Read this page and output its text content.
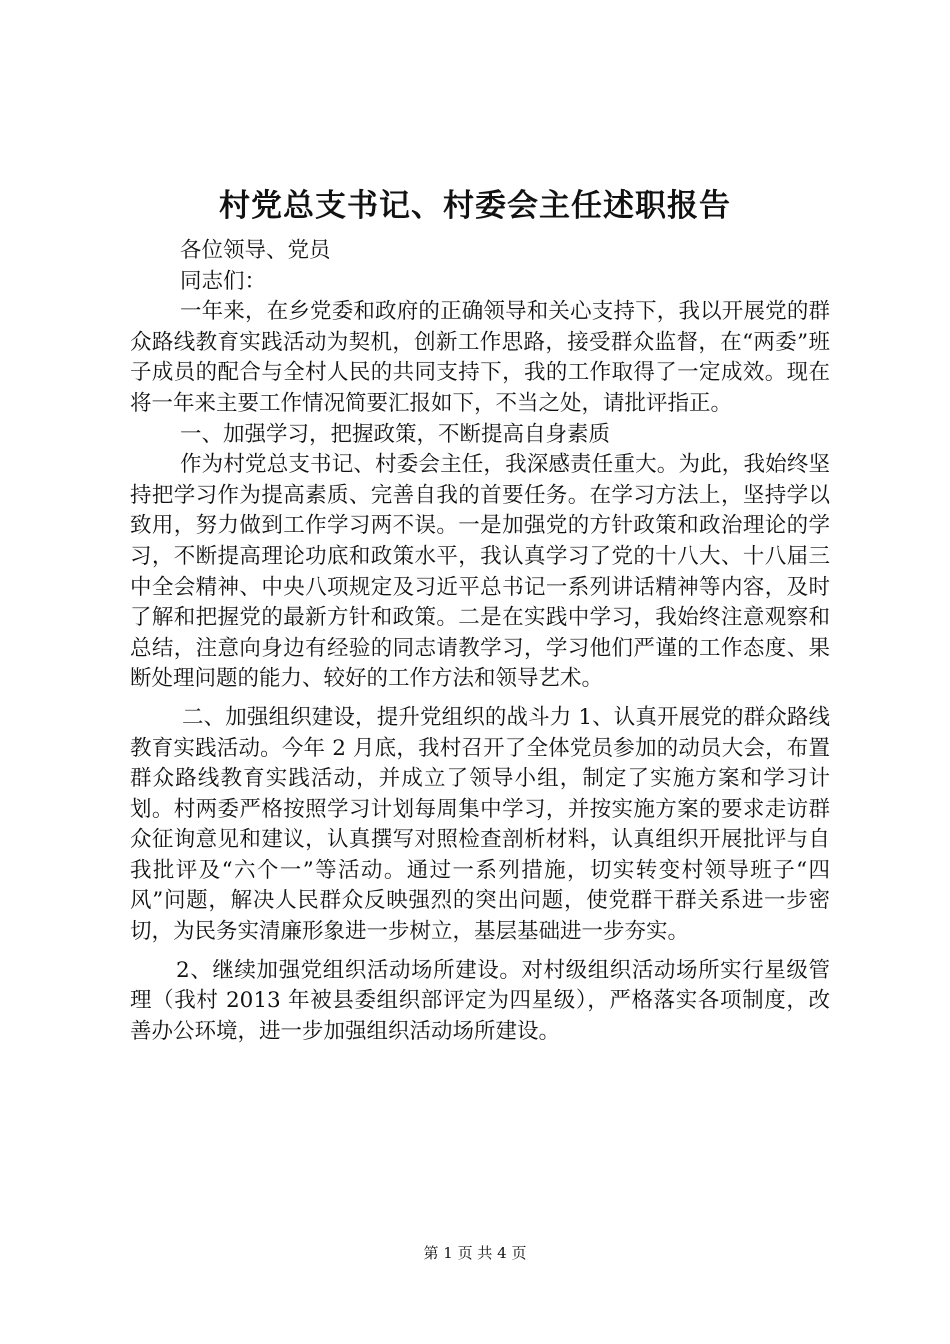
村党总支书记、村委会主任述职报告

各位领导、党员

同志们：

一年来，在乡党委和政府的正确领导和关心支持下，我以开展党的群众路线教育实践活动为契机，创新工作思路，接受群众监督，在“两委”班子成员的配合与全村人民的共同支持下，我的工作取得了一定成效。现在将一年来主要工作情况简要汇报如下，不当之处，请批评指正。

一、加强学习，把握政策，不断提高自身素质

作为村党总支书记、村委会主任，我深感责任重大。为此，我始终坚持把学习作为提高素质、完善自我的首要任务。在学习方法上，坚持学以致用，努力做到工作学习两不误。一是加强党的方针政策和政治理论的学习，不断提高理论功底和政策水平，我认真学习了党的十八大、十八届三中全会精神、中央八项规定及习近平总书记一系列讲话精神等内容，及时了解和把握党的最新方针和政策。二是在实践中学习，我始终注意观察和总结，注意向身边有经验的同志请教学习，学习他们严谨的工作态度、果断处理问题的能力、较好的工作方法和领导艺术。

二、加强组织建设，提升党组织的战斗力 1、认真开展党的群众路线教育实践活动。今年 2 月底，我村召开了全体党员参加的动员大会，布置群众路线教育实践活动，并成立了领导小组，制定了实施方案和学习计划。村两委严格按照学习计划每周集中学习，并按实施方案的要求走访群众征询意见和建议，认真撰写对照检查剖析材料，认真组织开展批评与自我批评及“六个一”等活动。通过一系列措施，切实转变村领导班子“四风”问题，解决人民群众反映强烈的突出问题，使党群干群关系进一步密切，为民务实清廉形象进一步树立，基层基础进一步夯实。

2、继续加强党组织活动场所建设。对村级组织活动场所实行星级管理（我村 2013 年被县委组织部评定为四星级），严格落实各项制度，改善办公环境，进一步加强组织活动场所建设。

第 1 页 共 4 页
